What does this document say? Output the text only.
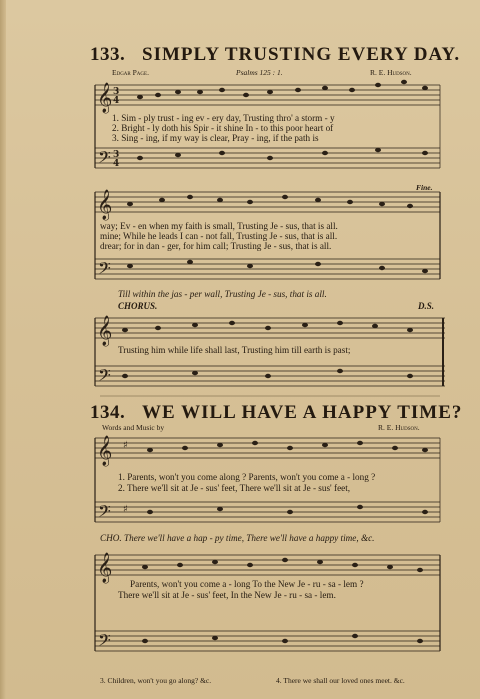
𝄞
𝄞
𝄞
𝄞
𝄞
𝄢
𝄢
𝄢
𝄢
𝄢
3
4
3
4
♯
♯
133. SIMPLY TRUSTING EVERY DAY.
Edgar Page.	Psalms 125 : 1.	R. E. Hudson.
1. Sim - ply trust - ing ev - ery day, Trusting thro' a storm - y
2. Bright - ly doth his Spir - it shine In - to this poor heart of
3. Sing - ing, if my way is clear, Pray - ing, if the path is
Fine.
way; Ev - en when my faith is small, Trusting Je - sus, that is all.
mine; While he leads I can - not fall, Trusting Je - sus, that is all.
drear; for in dan - ger, for him call; Trusting Je - sus, that is all.
Till within the jas - per wall, Trusting Je - sus, that is all.
CHORUS.	D.S.
Trusting him while life shall last, Trusting him till earth is past;
134. WE WILL HAVE A HAPPY TIME?
Words and Music by	R. E. Hudson.
1. Parents, won't you come along ? Parents, won't you come a - long ?
2. There we'll sit at Je - sus' feet, There we'll sit at Je - sus' feet,
CHO. There we'll have a hap - py time, There we'll have a happy time, &c.
Parents, won't you come a - long To the New Je - ru - sa - lem ?
There we'll sit at Je - sus' feet, In the New Je - ru - sa - lem.
3. Children, won't you go along? &c.	4. There we shall our loved ones meet. &c.
